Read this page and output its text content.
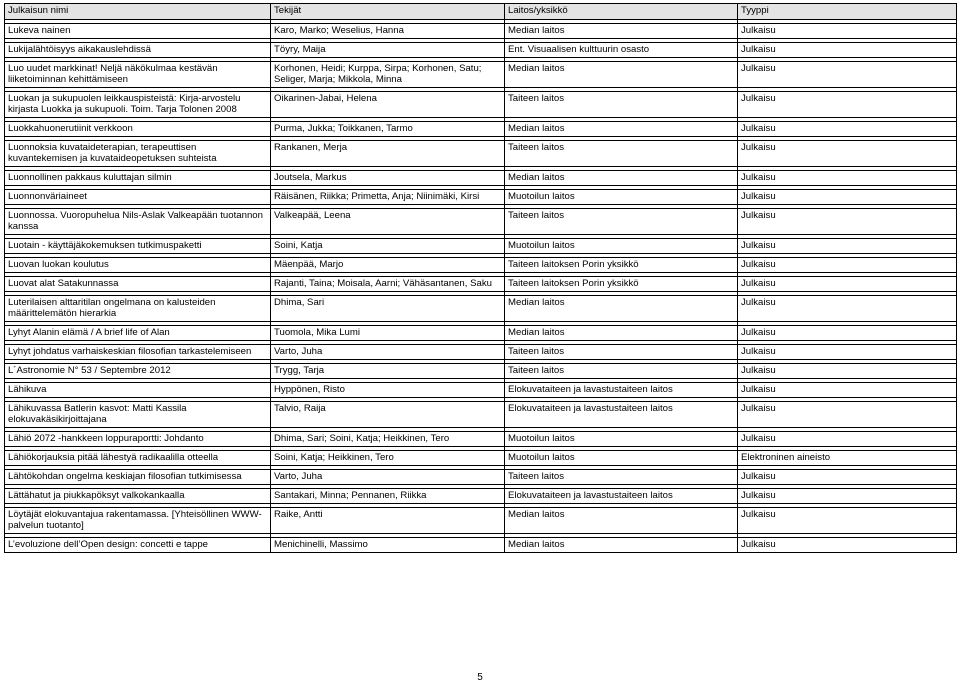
Julkaisun nimi	Tekijät	Laitos/yksikkö	Tyyppi

Lukeva nainen	Karo, Marko; Weselius, Hanna	Median laitos	Julkaisu

Lukijalähtöisyys aikakauslehdissä	Töyry, Maija	Ent. Visuaalisen kulttuurin osasto	Julkaisu

Luo uudet markkinat! Neljä näkökulmaa kestävän liiketoiminnan kehittämiseen	Korhonen, Heidi; Kurppa, Sirpa; Korhonen, Satu; Seliger, Marja; Mikkola, Minna	Median laitos	Julkaisu

Luokan ja sukupuolen leikkauspisteistä: Kirja-arvostelu kirjasta Luokka ja sukupuoli. Toim. Tarja Tolonen 2008	Oikarinen-Jabai, Helena	Taiteen laitos	Julkaisu

Luokkahuonerutiinit verkkoon	Purma, Jukka; Toikkanen, Tarmo	Median laitos	Julkaisu

Luonnoksia kuvataideterapian, terapeuttisen kuvantekemisen ja kuvataideopetuksen suhteista	Rankanen, Merja	Taiteen laitos	Julkaisu

Luonnollinen pakkaus kuluttajan silmin	Joutsela, Markus	Median laitos	Julkaisu

Luonnonväriaineet	Räisänen, Riikka; Primetta, Anja; Niinimäki, Kirsi	Muotoilun laitos	Julkaisu

Luonnossa. Vuoropuhelua Nils-Aslak Valkeapään tuotannon kanssa	Valkeapää, Leena	Taiteen laitos	Julkaisu

Luotain - käyttäjäkokemuksen tutkimuspaketti	Soini, Katja	Muotoilun laitos	Julkaisu

Luovan luokan koulutus	Mäenpää, Marjo	Taiteen laitoksen Porin yksikkö	Julkaisu

Luovat alat Satakunnassa	Rajanti, Taina; Moisala, Aarni; Vähäsantanen, Saku	Taiteen laitoksen Porin yksikkö	Julkaisu

Luterilaisen alttaritilan ongelmana on kalusteiden määrittelemätön hierarkia	Dhima, Sari	Median laitos	Julkaisu

Lyhyt Alanin elämä / A brief life of Alan	Tuomola, Mika Lumi	Median laitos	Julkaisu

Lyhyt johdatus varhaiskeskian filosofian tarkastelemiseen	Varto, Juha	Taiteen laitos	Julkaisu

L´Astronomie N° 53 / Septembre 2012	Trygg, Tarja	Taiteen laitos	Julkaisu

Lähikuva	Hyppönen, Risto	Elokuvataiteen ja lavastustaiteen laitos	Julkaisu

Lähikuvassa Batlerin kasvot: Matti Kassila elokuvakäsikirjoittajana	Talvio, Raija	Elokuvataiteen ja lavastustaiteen laitos	Julkaisu

Lähiö 2072 -hankkeen loppuraportti: Johdanto	Dhima, Sari; Soini, Katja; Heikkinen, Tero	Muotoilun laitos	Julkaisu

Lähiökorjauksia pitää lähestyä radikaalilla otteella	Soini, Katja; Heikkinen, Tero	Muotoilun laitos	Elektroninen aineisto

Lähtökohdan ongelma keskiajan filosofian tutkimisessa	Varto, Juha	Taiteen laitos	Julkaisu

Lättähatut ja piukkapöksyt valkokankaalla	Santakari, Minna; Pennanen, Riikka	Elokuvataiteen ja lavastustaiteen laitos	Julkaisu

Löytäjät elokuvantajua rakentamassa. [Yhteisöllinen WWW-palvelun tuotanto]	Raike, Antti	Median laitos	Julkaisu

L’evoluzione dell’Open design: concetti e tappe	Menichinelli, Massimo	Median laitos	Julkaisu
5
